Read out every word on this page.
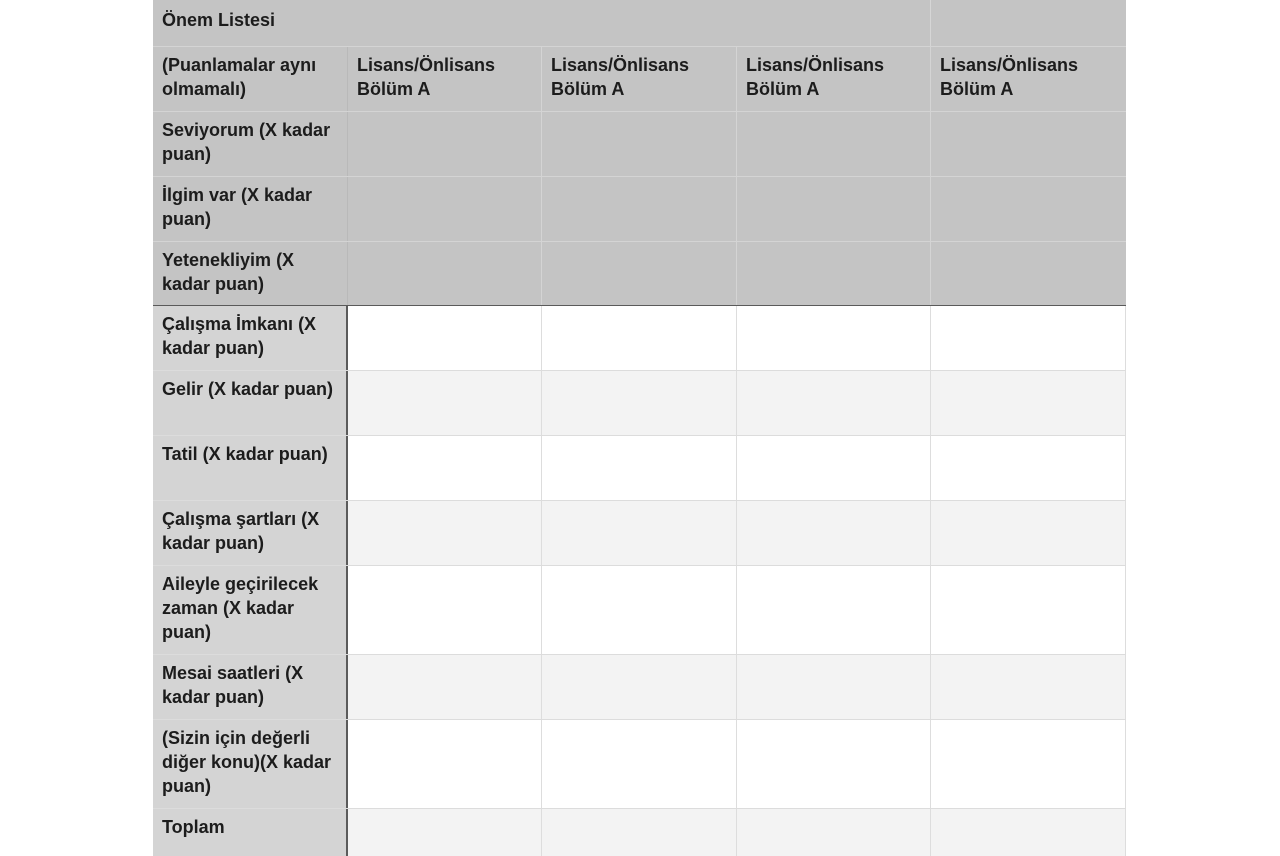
Önem Listesi
(Puanlamalar aynı olmamalı)
Lisans/Önlisans Bölüm A
Lisans/Önlisans Bölüm A
Lisans/Önlisans Bölüm A
Lisans/Önlisans Bölüm A
Seviyorum (X kadar puan)
İlgim var (X kadar puan)
Yetenekliyim (X kadar puan)
Çalışma İmkanı (X kadar puan)
Gelir (X kadar puan)
Tatil (X kadar puan)
Çalışma şartları (X kadar puan)
Aileyle geçirilecek zaman (X kadar puan)
Mesai saatleri (X kadar puan)
(Sizin için değerli diğer konu)(X kadar puan)
Toplam
